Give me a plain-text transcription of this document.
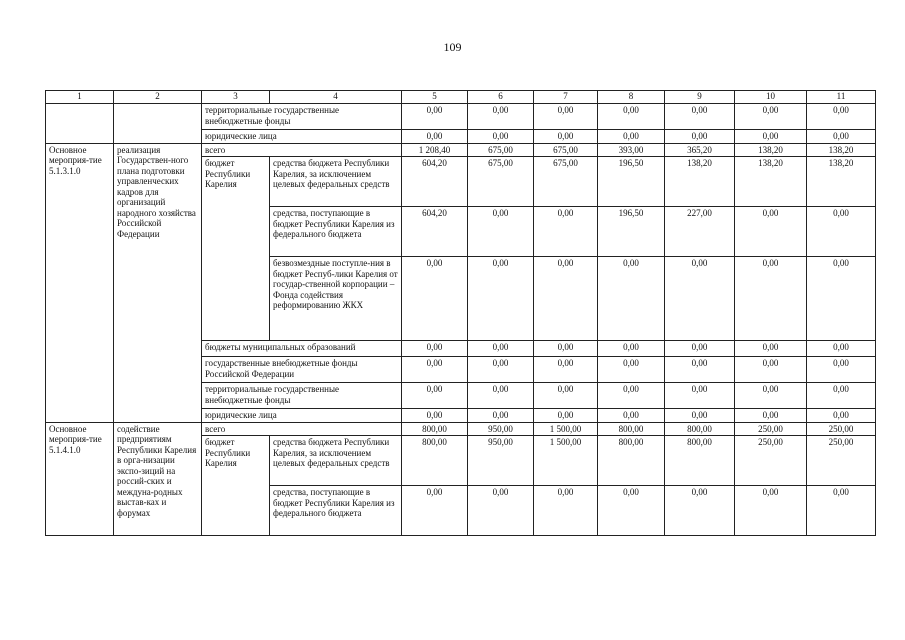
109
1	2	3	4	5	6	7	8	9	10	11
		территориальные государственные внебюджетные фонды		0,00	0,00	0,00	0,00	0,00	0,00	0,00
		юридические лица		0,00	0,00	0,00	0,00	0,00	0,00	0,00
Основное мероприя-тие 5.1.3.1.0	реализация Государствен-ного плана подготовки управленческих кадров для организаций народного хозяйства Российской Федерации	всего		1 208,40	675,00	675,00	393,00	365,20	138,20	138,20
		бюджет Республики Карелия	средства бюджета Республики Карелия, за исключением целевых федеральных средств	604,20	675,00	675,00	196,50	138,20	138,20	138,20
			средства, поступающие в бюджет Республики Карелия из федерального бюджета	604,20	0,00	0,00	196,50	227,00	0,00	0,00
			безвозмездные поступле-ния в бюджет Респуб-лики Карелия от государ-ственной корпорации – Фонда содействия реформированию ЖКХ	0,00	0,00	0,00	0,00	0,00	0,00	0,00
		бюджеты муниципальных образований		0,00	0,00	0,00	0,00	0,00	0,00	0,00
		государственные внебюджетные фонды Российской Федерации		0,00	0,00	0,00	0,00	0,00	0,00	0,00
		территориальные государственные внебюджетные фонды		0,00	0,00	0,00	0,00	0,00	0,00	0,00
		юридические лица		0,00	0,00	0,00	0,00	0,00	0,00	0,00
Основное мероприя-тие 5.1.4.1.0	содействие предприятиям Республики Карелия в орга-низации экспо-зиций на россий-ских и междуна-родных выстав-ках и форумах	всего		800,00	950,00	1 500,00	800,00	800,00	250,00	250,00
		бюджет Республики Карелия	средства бюджета Республики Карелия, за исключением целевых федеральных средств	800,00	950,00	1 500,00	800,00	800,00	250,00	250,00
			средства, поступающие в бюджет Республики Карелия из федерального бюджета	0,00	0,00	0,00	0,00	0,00	0,00	0,00
